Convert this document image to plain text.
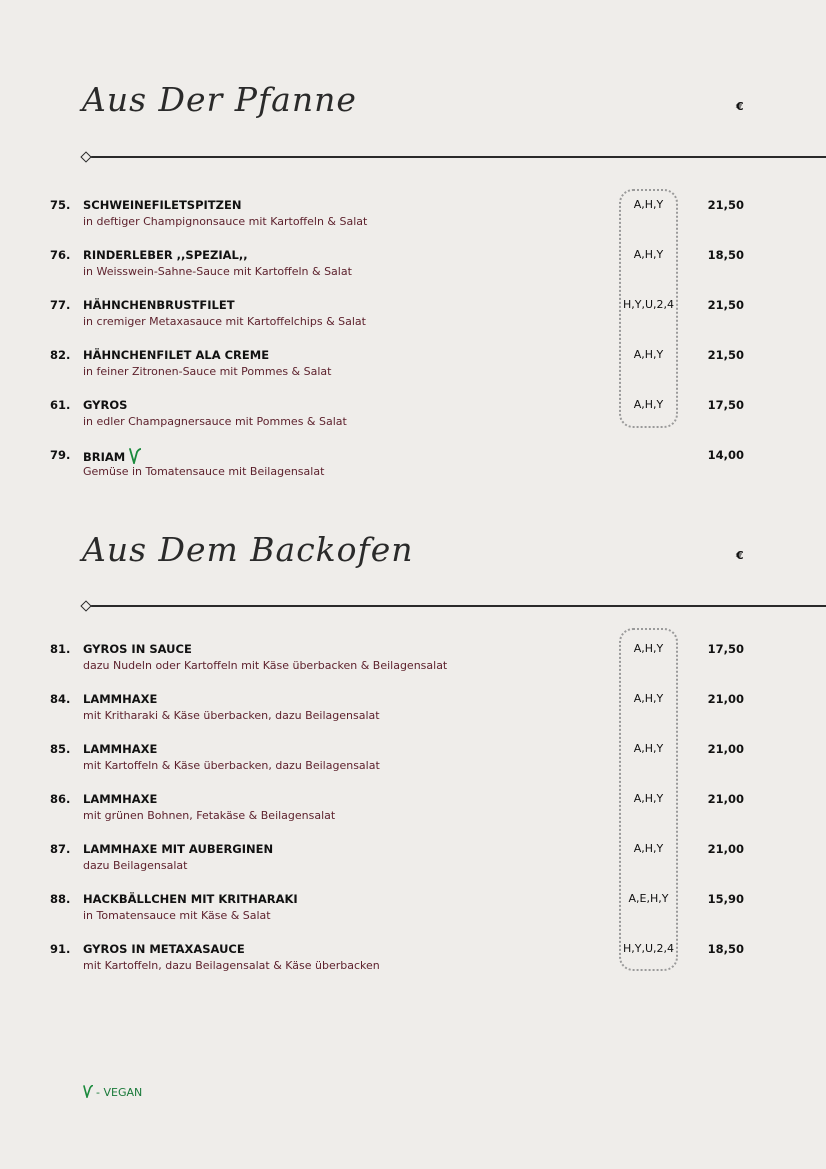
Aus Der Pfanne	€
75.	SCHWEINEFILETSPITZEN
in deftiger Champignonsauce mit Kartoffeln & Salat
A,H,Y	21,50
76.	RINDERLEBER ,,SPEZIAL,,
in Weisswein-Sahne-Sauce mit Kartoffeln & Salat
A,H,Y	18,50
77.	HÄHNCHENBRUSTFILET
in cremiger Metaxasauce mit Kartoffelchips & Salat
H,Y,U,2,4	21,50
82.	HÄHNCHENFILET ALA CREME
in feiner Zitronen-Sauce mit Pommes & Salat
A,H,Y	21,50
61.	GYROS
in edler Champagnersauce mit Pommes & Salat
A,H,Y	17,50
79.	BRIAM
Gemüse in Tomatensauce mit Beilagensalat
14,00
Aus Dem Backofen	€
81.	GYROS IN SAUCE
dazu Nudeln oder Kartoffeln mit Käse überbacken & Beilagensalat
A,H,Y	17,50
84.	LAMMHAXE
mit Kritharaki & Käse überbacken, dazu Beilagensalat
A,H,Y	21,00
85.	LAMMHAXE
mit Kartoffeln & Käse überbacken, dazu Beilagensalat
A,H,Y	21,00
86.	LAMMHAXE
mit grünen Bohnen, Fetakäse & Beilagensalat
A,H,Y	21,00
87.	LAMMHAXE MIT AUBERGINEN
dazu Beilagensalat
A,H,Y	21,00
88.	HACKBÄLLCHEN MIT KRITHARAKI
in Tomatensauce mit Käse & Salat
A,E,H,Y	15,90
91.	GYROS IN METAXASAUCE
mit Kartoffeln, dazu Beilagensalat & Käse überbacken
H,Y,U,2,4	18,50
- VEGAN
